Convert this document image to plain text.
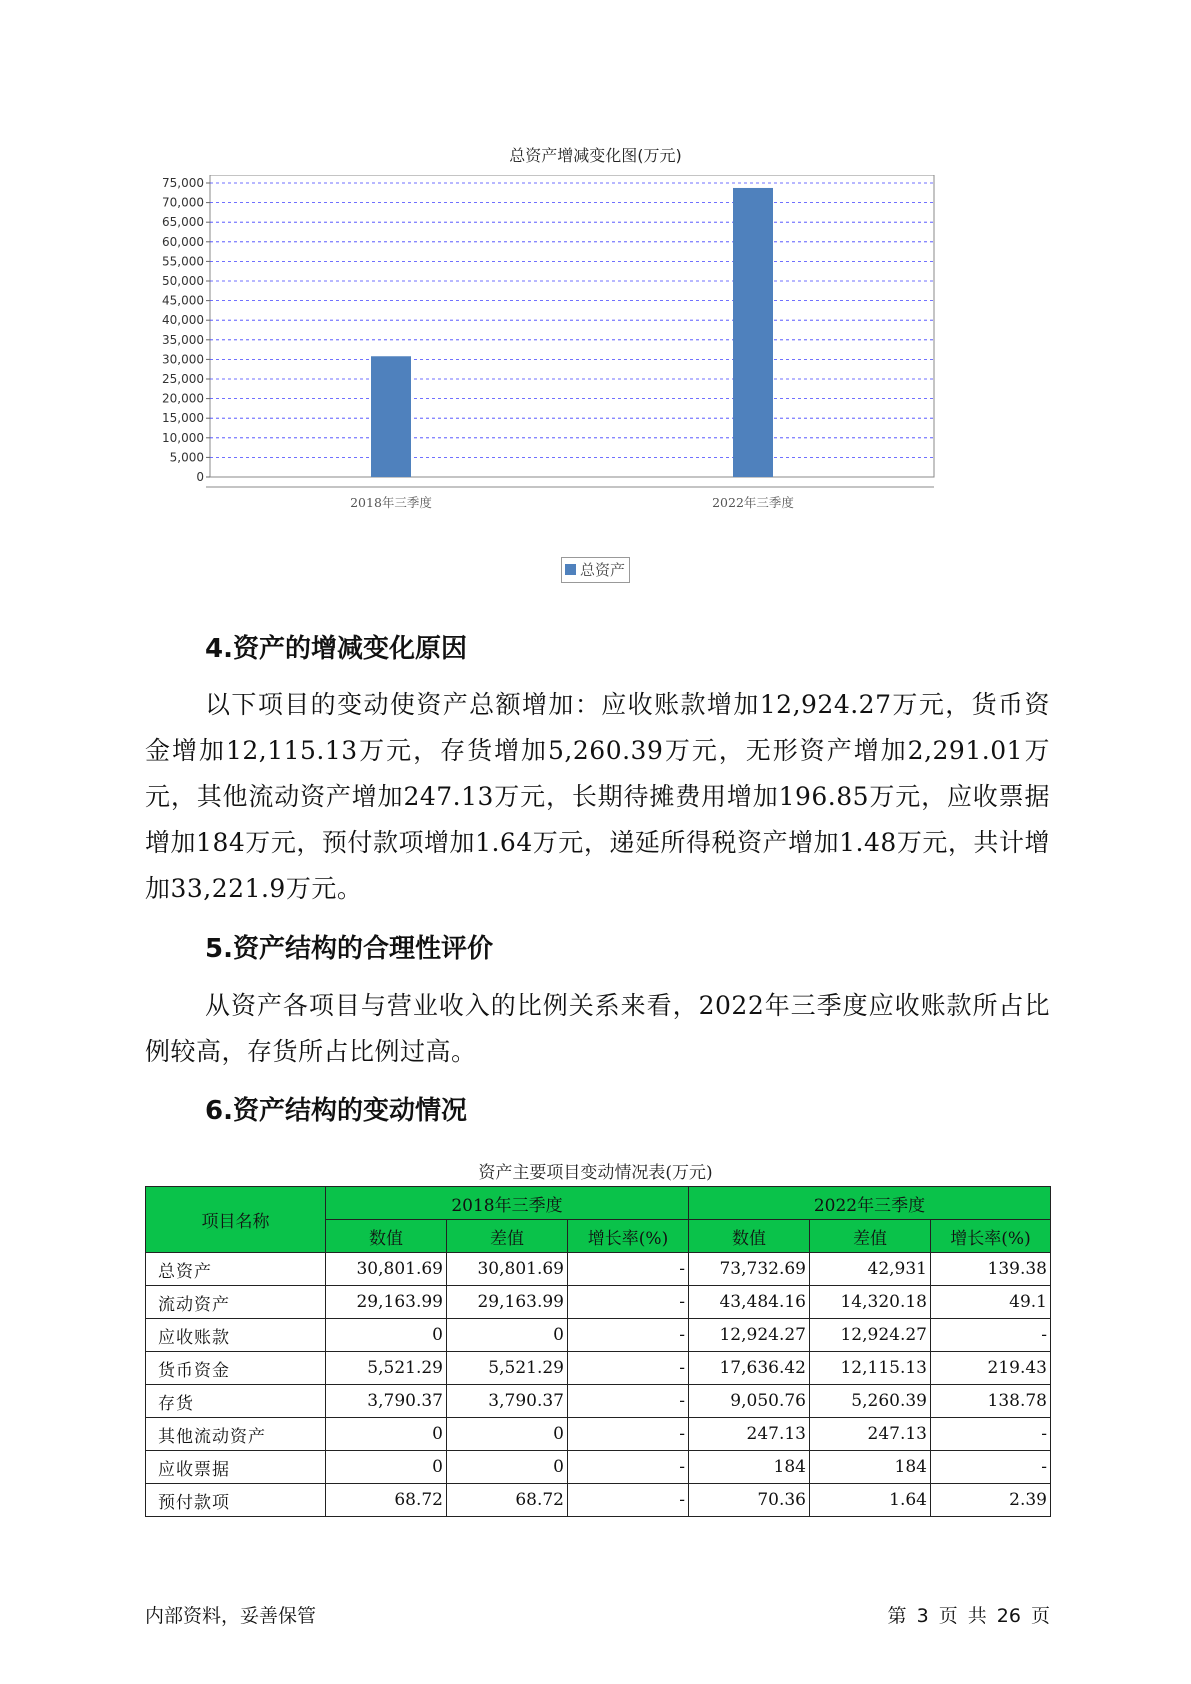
总资产增减变化图(万元)
0
5,000
10,000
15,000
20,000
25,000
30,000
35,000
40,000
45,000
50,000
55,000
60,000
65,000
70,000
75,000
2018年三季度	2022年三季度
总资产
4.资产的增减变化原因

以下项目的变动使资产总额增加：应收账款增加12,924.27万元，货币资金增加12,115.13万元，存货增加5,260.39万元，无形资产增加2,291.01万元，其他流动资产增加247.13万元，长期待摊费用增加196.85万元，应收票据增加184万元，预付款项增加1.64万元，递延所得税资产增加1.48万元，共计增加33,221.9万元。

5.资产结构的合理性评价

从资产各项目与营业收入的比例关系来看，2022年三季度应收账款所占比例较高，存货所占比例过高。

6.资产结构的变动情况
资产主要项目变动情况表(万元)
项目名称	2018年三季度			2022年三季度		
	数值	差值	增长率(%)	数值	差值	增长率(%)
总资产	30,801.69	30,801.69	-	73,732.69	42,931	139.38
流动资产	29,163.99	29,163.99	-	43,484.16	14,320.18	49.1
应收账款	0	0	-	12,924.27	12,924.27	-
货币资金	5,521.29	5,521.29	-	17,636.42	12,115.13	219.43
存货	3,790.37	3,790.37	-	9,050.76	5,260.39	138.78
其他流动资产	0	0	-	247.13	247.13	-
应收票据	0	0	-	184	184	-
预付款项	68.72	68.72	-	70.36	1.64	2.39
内部资料，妥善保管	第 3 页 共 26 页
